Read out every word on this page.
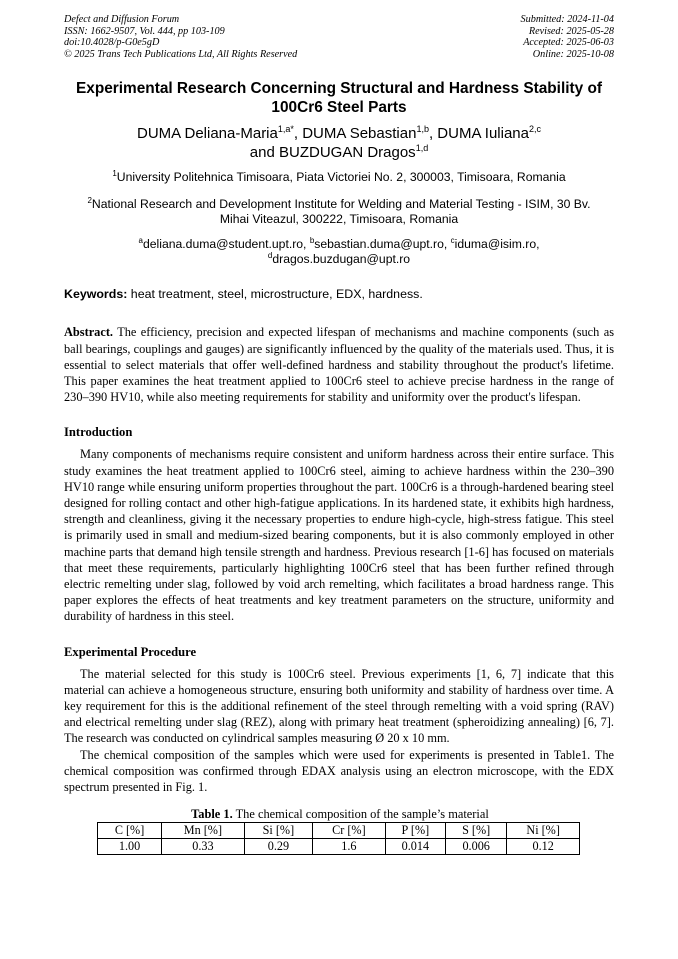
Defect and Diffusion Forum
ISSN: 1662-9507, Vol. 444, pp 103-109
doi:10.4028/p-G0e5gD
© 2025 Trans Tech Publications Ltd, All Rights Reserved
Submitted: 2024-11-04
Revised: 2025-05-28
Accepted: 2025-06-03
Online: 2025-10-08
Experimental Research Concerning Structural and Hardness Stability of
100Cr6 Steel Parts
DUMA Deliana-Maria$^{1,a*}$, DUMA Sebastian$^{1,b}$, DUMA Iuliana$^{2,c}$
and BUZDUGAN Dragos$^{1,d}$
$^1$University Politehnica Timisoara, Piata Victoriei No. 2, 300003, Timisoara, Romania
$^2$National Research and Development Institute for Welding and Material Testing - ISIM, 30 Bv.
Mihai Viteazul, 300222, Timisoara, Romania
$^a$deliana.duma@student.upt.ro, $^b$sebastian.duma@upt.ro, $^c$iduma@isim.ro,
$^d$dragos.buzdugan@upt.ro
Keywords: heat treatment, steel, microstructure, EDX, hardness.
Abstract. The efficiency, precision and expected lifespan of mechanisms and machine components (such as ball bearings, couplings and gauges) are significantly influenced by the quality of the materials used. Thus, it is essential to select materials that offer well-defined hardness and stability throughout the product's lifetime. This paper examines the heat treatment applied to 100Cr6 steel to achieve precise hardness in the range of 230–390 HV10, while also meeting requirements for stability and uniformity over the product's lifespan.
Introduction
Many components of mechanisms require consistent and uniform hardness across their entire surface. This study examines the heat treatment applied to 100Cr6 steel, aiming to achieve hardness within the 230–390 HV10 range while ensuring uniform properties throughout the part. 100Cr6 is a through-hardened bearing steel designed for rolling contact and other high-fatigue applications. In its hardened state, it exhibits high hardness, strength and cleanliness, giving it the necessary properties to endure high-cycle, high-stress fatigue. This steel is primarily used in small and medium-sized bearing components, but it is also commonly employed in other machine parts that demand high tensile strength and hardness. Previous research [1-6] has focused on materials that meet these requirements, particularly highlighting 100Cr6 steel that has been further refined through electric remelting under slag, followed by void arch remelting, which facilitates a broad hardness range. This paper explores the effects of heat treatments and key treatment parameters on the structure, uniformity and durability of hardness in this steel.
Experimental Procedure
The material selected for this study is 100Cr6 steel. Previous experiments [1, 6, 7] indicate that this material can achieve a homogeneous structure, ensuring both uniformity and stability of hardness over time. A key requirement for this is the additional refinement of the steel through remelting with a void spring (RAV) and electrical remelting under slag (REZ), along with primary heat treatment (spheroidizing annealing) [6, 7]. The research was conducted on cylindrical samples measuring Ø 20 x 10 mm.
The chemical composition of the samples which were used for experiments is presented in Table1. The chemical composition was confirmed through EDAX analysis using an electron microscope, with the EDX spectrum presented in Fig. 1.
Table 1. The chemical composition of the sample’s material
C [%]	Mn [%]	Si [%]	Cr [%]	P [%]	S [%]	Ni [%]
1.00	0.33	0.29	1.6	0.014	0.006	0.12
